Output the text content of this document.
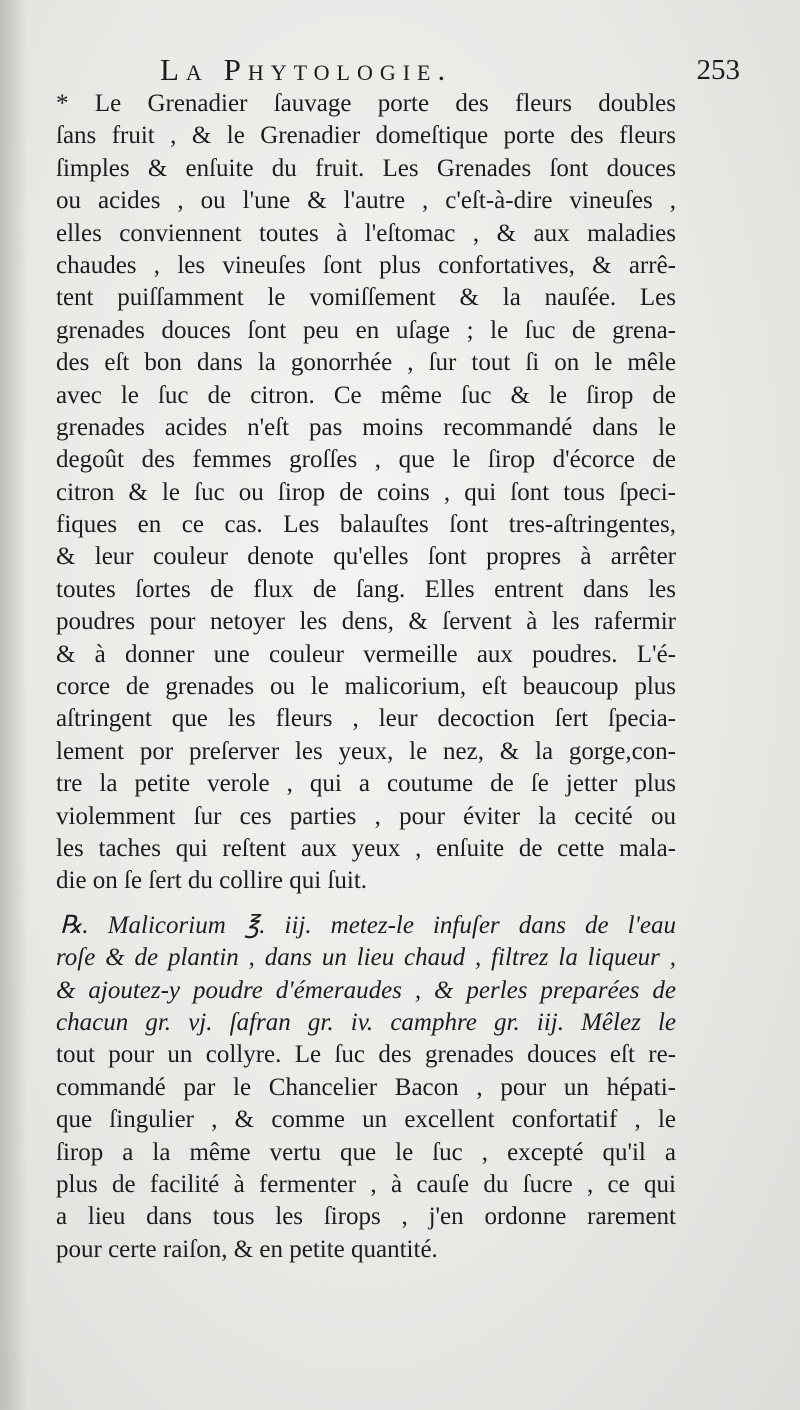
La Phytologie.	253
* Le Grenadier ſauvage porte des fleurs doubles
ſans fruit , & le Grenadier domeſtique porte des fleurs
ſimples & enſuite du fruit. Les Grenades ſont douces
ou acides , ou l'une & l'autre , c'eſt-à-dire vineuſes ,
elles conviennent toutes à l'eſtomac , & aux maladies
chaudes , les vineuſes ſont plus confortatives, & arrê-
tent puiſſamment le vomiſſement & la nauſée. Les
grenades douces ſont peu en uſage ; le ſuc de grena-
des eſt bon dans la gonorrhée , ſur tout ſi on le mêle
avec le ſuc de citron. Ce même ſuc & le ſirop de
grenades acides n'eſt pas moins recommandé dans le
degoût des femmes groſſes , que le ſirop d'écorce de
citron & le ſuc ou ſirop de coins , qui ſont tous ſpeci-
fiques en ce cas. Les balauſtes ſont tres-aſtringentes,
& leur couleur denote qu'elles ſont propres à arrêter
toutes ſortes de flux de ſang. Elles entrent dans les
poudres pour netoyer les dens, & ſervent à les rafermir
& à donner une couleur vermeille aux poudres. L'é-
corce de grenades ou le malicorium, eſt beaucoup plus
aſtringent que les fleurs , leur decoction ſert ſpecia-
lement por preſerver les yeux, le nez, & la gorge,con-
tre la petite verole , qui a coutume de ſe jetter plus
violemment ſur ces parties , pour éviter la cecité ou
les taches qui reſtent aux yeux , enſuite de cette mala-
die on ſe ſert du collire qui ſuit.
℞. Malicorium ℥. iij. metez-le infuſer dans de l'eau
roſe & de plantin , dans un lieu chaud , filtrez la liqueur ,
& ajoutez-y poudre d'émeraudes , & perles preparées de
chacun gr. vj. ſafran gr. iv. camphre gr. iij. Mêlez le
tout pour un collyre. Le ſuc des grenades douces eſt re-
commandé par le Chancelier Bacon , pour un hépati-
que ſingulier , & comme un excellent confortatif , le
ſirop a la même vertu que le ſuc , excepté qu'il a
plus de facilité à fermenter , à cauſe du ſucre , ce qui
a lieu dans tous les ſirops , j'en ordonne rarement
pour certe raiſon, & en petite quantité.
